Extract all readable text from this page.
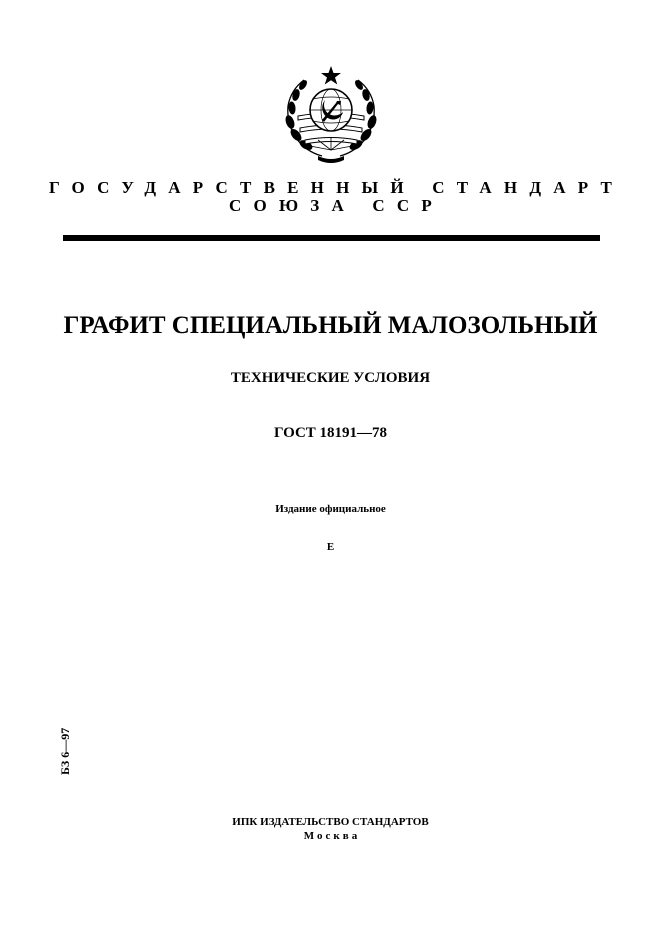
ГОСУДАРСТВЕННЫЙ СТАНДАРТ
СОЮЗА ССР
ГРАФИТ СПЕЦИАЛЬНЫЙ МАЛОЗОЛЬНЫЙ
ТЕХНИЧЕСКИЕ УСЛОВИЯ
ГОСТ 18191—78
Издание официальное
Е
БЗ 6—97
ИПК ИЗДАТЕЛЬСТВО СТАНДАРТОВ
Москва
